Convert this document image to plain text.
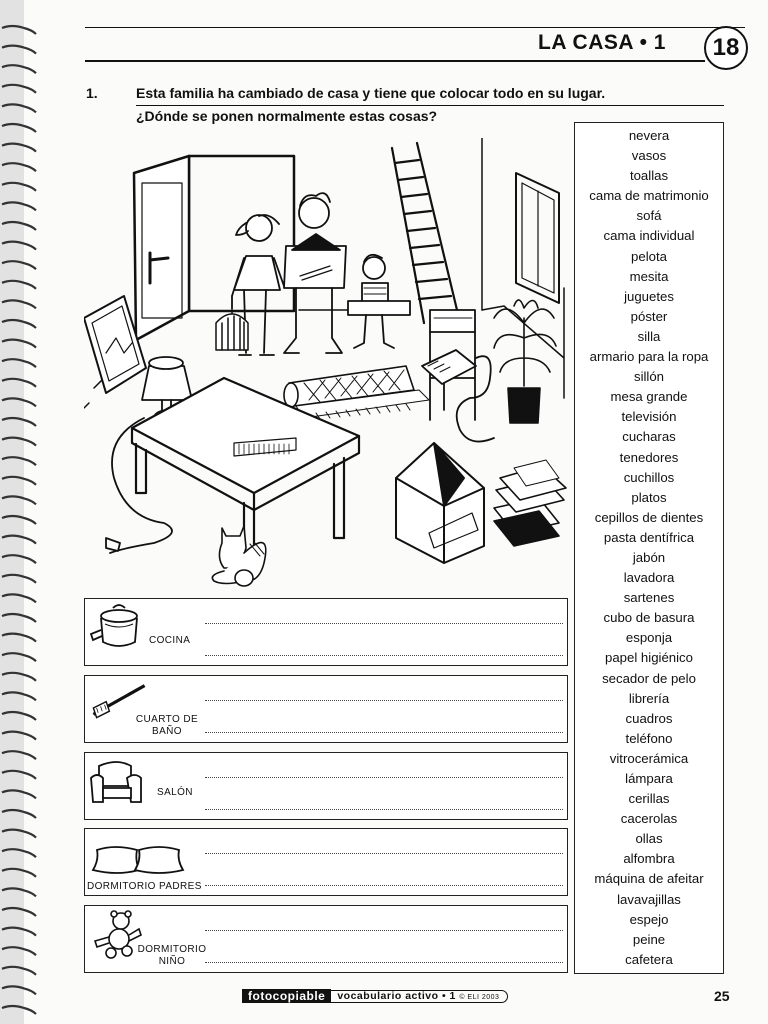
LA CASA • 1	18
1.	Esta familia ha cambiado de casa y tiene que colocar todo en su lugar.
¿Dónde se ponen normalmente estas cosas?
nevera
vasos
toallas
cama de matrimonio
sofá
cama individual
pelota
mesita
juguetes
póster
silla
armario para la ropa
sillón
mesa grande
televisión
cucharas
tenedores
cuchillos
platos
cepillos de dientes
pasta dentífrica
jabón
lavadora
sartenes
cubo de basura
esponja
papel higiénico
secador de pelo
librería
cuadros
teléfono
vitrocerámica
lámpara
cerillas
cacerolas
ollas
alfombra
máquina de afeitar
lavavajillas
espejo
peine
cafetera
COCINA
CUARTO DE
BAÑO
SALÓN
DORMITORIO PADRES
DORMITORIO
NIÑO
fotocopiable	vocabulario activo • 1 © ELI 2003	25
